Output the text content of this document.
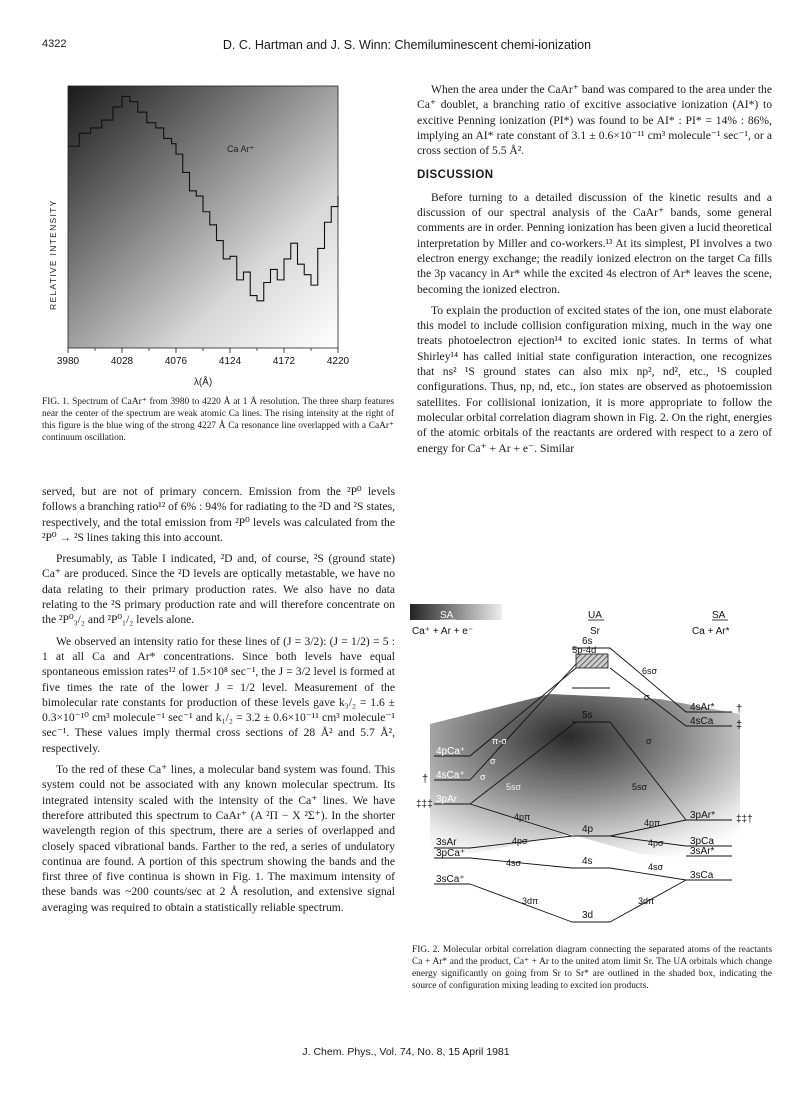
4322	D. C. Hartman and J. S. Winn: Chemiluminescent chemi-ionization
3980	4028	4076	4124	4172	4220
Ca Ar⁺
RELATIVE INTENSITY
λ(Å)
FIG. 1. Spectrum of CaAr⁺ from 3980 to 4220 Å at 1 Å resolution. The three sharp features near the center of the spectrum are weak atomic Ca lines. The rising intensity at the right of this figure is the blue wing of the strong 4227 Å Ca resonance line overlapped with a CaAr⁺ continuum oscillation.

served, but are not of primary concern. Emission from the ²P⁰ levels follows a branching ratio¹² of 6% : 94% for radiating to the ²D and ²S states, respectively, and the total emission from ²P⁰ levels was calculated from the ²P⁰ → ²S lines taking this into account.

Presumably, as Table I indicated, ²D and, of course, ²S (ground state) Ca⁺ are produced. Since the ²D levels are optically metastable, we have no data relating to their primary production rates. We also have no data relating to the ²S primary production rate and will therefore concentrate on the ²P⁰₃/₂ and ²P⁰₁/₂ levels alone.

We observed an intensity ratio for these lines of (J = 3/2): (J = 1/2) = 5 : 1 at all Ca and Ar* concentrations. Since both levels have equal spontaneous emission rates¹² of 1.5×10⁸ sec⁻¹, the J = 3/2 level is formed at five times the rate of the lower J = 1/2 level. Measurement of the bimolecular rate constants for production of these levels gave k₃/₂ = 1.6 ± 0.3×10⁻¹⁰ cm³ molecule⁻¹ sec⁻¹ and k₁/₂ = 3.2 ± 0.6×10⁻¹¹ cm³ molecule⁻¹ sec⁻¹. These values imply thermal cross sections of 28 Å² and 5.7 Å², respectively.

To the red of these Ca⁺ lines, a molecular band system was found. This system could not be associated with any known molecular spectrum. Its integrated intensity scaled with the intensity of the Ca⁺ lines. We have therefore attributed this spectrum to CaAr⁺ (A ²Π − X ²Σ⁺). In the shorter wavelength region of this spectrum, there are a series of overlapped and closely spaced vibrational bands. Farther to the red, a series of undulatory continua are found. A portion of this spectrum showing the bands and the first three of five continua is shown in Fig. 1. The maximum intensity of these bands was ~200 counts/sec at 2 Å resolution, and extensive signal averaging was required to obtain a statistically reliable spectrum.

When the area under the CaAr⁺ band was compared to the area under the Ca⁺ doublet, a branching ratio of excitive associative ionization (AI*) to excitive Penning ionization (PI*) was found to be AI* : PI* = 14% : 86%, implying an AI* rate constant of 3.1 ± 0.6×10⁻¹¹ cm³ molecule⁻¹ sec⁻¹, or a cross section of 5.5 Å².

DISCUSSION

Before turning to a detailed discussion of the kinetic results and a discussion of our spectral analysis of the CaAr⁺ bands, some general comments are in order. Penning ionization has been given a lucid theoretical interpretation by Miller and co-workers.¹³ At its simplest, PI involves a two electron energy exchange; the readily ionized electron on the target Ca fills the 3p vacancy in Ar* while the excited 4s electron of Ar* leaves the scene, becoming the ionized electron.

To explain the production of excited states of the ion, one must elaborate this model to include collision configuration mixing, much in the way one treats photoelectron ejection¹⁴ to excited ionic states. In terms of what Shirley¹⁴ has called initial state configuration interaction, one recognizes that ns² ¹S ground states can also mix np², nd², etc., ¹S coupled configurations. Thus, np, nd, etc., ion states are observed as photoemission satellites. For collisional ionization, it is more appropriate to follow the molecular orbital correlation diagram shown in Fig. 2. On the right, energies of the atomic orbitals of the reactants are ordered with respect to a zero of energy for Ca⁺ + Ar + e⁻. Similar

SA
Ca⁺ + Ar + e⁻
UA
Sr
SA
Ca + Ar*
6s
5p-4d
5s
4p
4s
3d
4pCa⁺
4sCa⁺
3pAr
3sAr
3pCa⁺
3sCa⁺
†
‡‡‡
4sAr*
4sCa
3pAr*
3pCa
3sAr*
3sCa
†
‡
‡‡†
π-σ
σ
σ
5sσ
4pπ
4pσ
4sσ
3dπ
6sσ
σ
σ
5sσ
4pπ
4pσ
4sσ
3dπ
FIG. 2. Molecular orbital correlation diagram connecting the separated atoms of the reactants Ca + Ar* and the product, Ca⁺ + Ar to the united atom limit Sr. The UA orbitals which change energy significantly on going from Sr to Sr* are outlined in the shaded box, indicating the source of configuration mixing leading to excited ion products.
J. Chem. Phys., Vol. 74, No. 8, 15 April 1981
